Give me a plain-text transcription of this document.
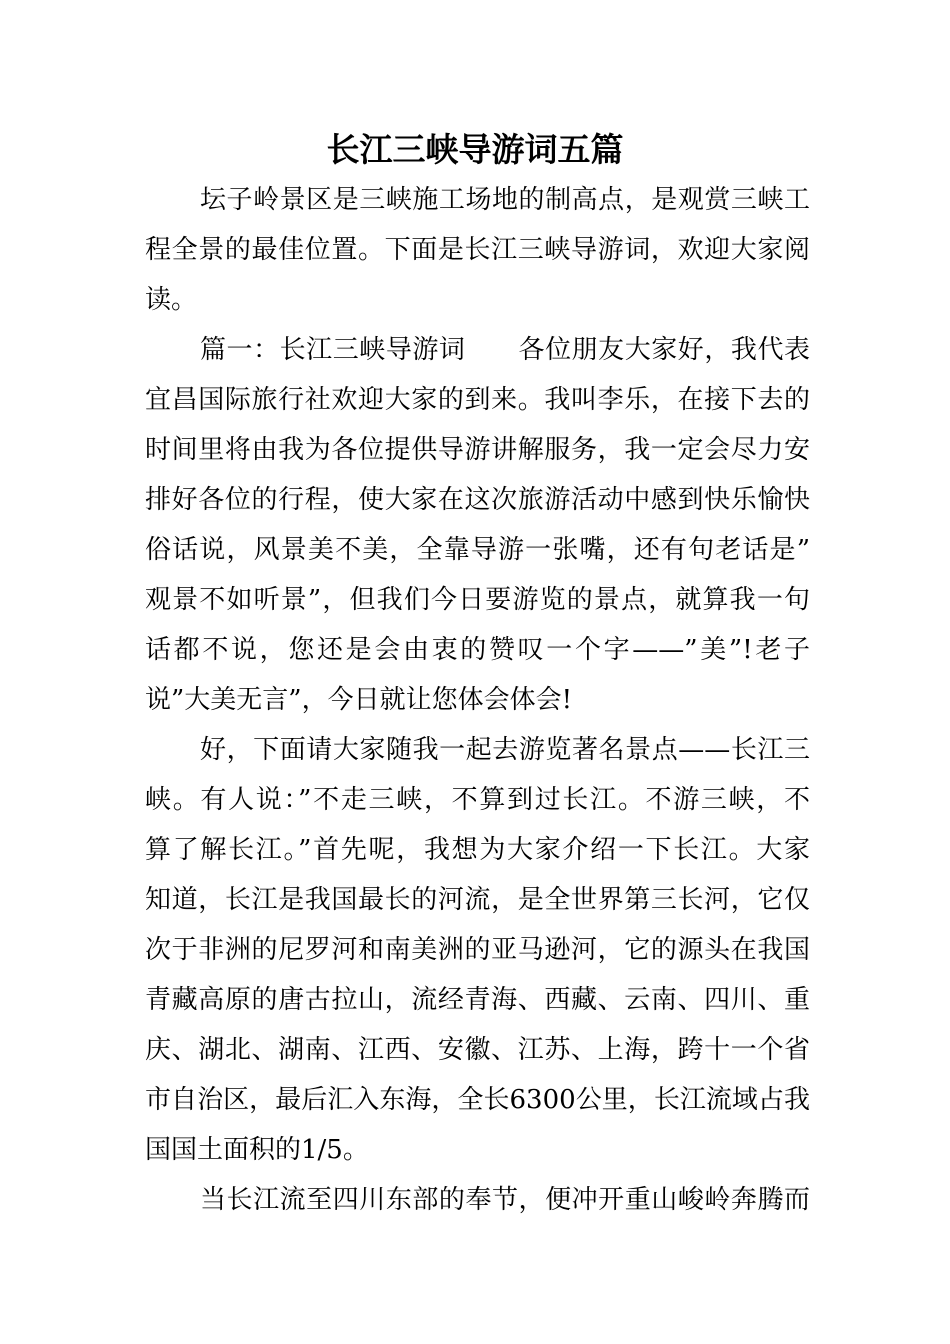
长江三峡导游词五篇
坛子岭景区是三峡施工场地的制高点，是观赏三峡工
程全景的最佳位置。下面是长江三峡导游词，欢迎大家阅
读。
篇一：长江三峡导游词　　各位朋友大家好，我代表
宜昌国际旅行社欢迎大家的到来。我叫李乐，在接下去的
时间里将由我为各位提供导游讲解服务，我一定会尽力安
排好各位的行程，使大家在这次旅游活动中感到快乐愉快
俗话说，风景美不美，全靠导游一张嘴，还有句老话是”
观景不如听景”，但我们今日要游览的景点，就算我一句
话都不说，您还是会由衷的赞叹一个字——”美”!老子
说”大美无言”，今日就让您体会体会!
好，下面请大家随我一起去游览著名景点——长江三
峡。有人说：”不走三峡，不算到过长江。不游三峡，不
算了解长江。”首先呢，我想为大家介绍一下长江。大家
知道，长江是我国最长的河流，是全世界第三长河，它仅
次于非洲的尼罗河和南美洲的亚马逊河，它的源头在我国
青藏高原的唐古拉山，流经青海、西藏、云南、四川、重
庆、湖北、湖南、江西、安徽、江苏、上海，跨十一个省
市自治区，最后汇入东海，全长6300公里，长江流域占我
国国土面积的1/5。
当长江流至四川东部的奉节，便冲开重山峻岭奔腾而
